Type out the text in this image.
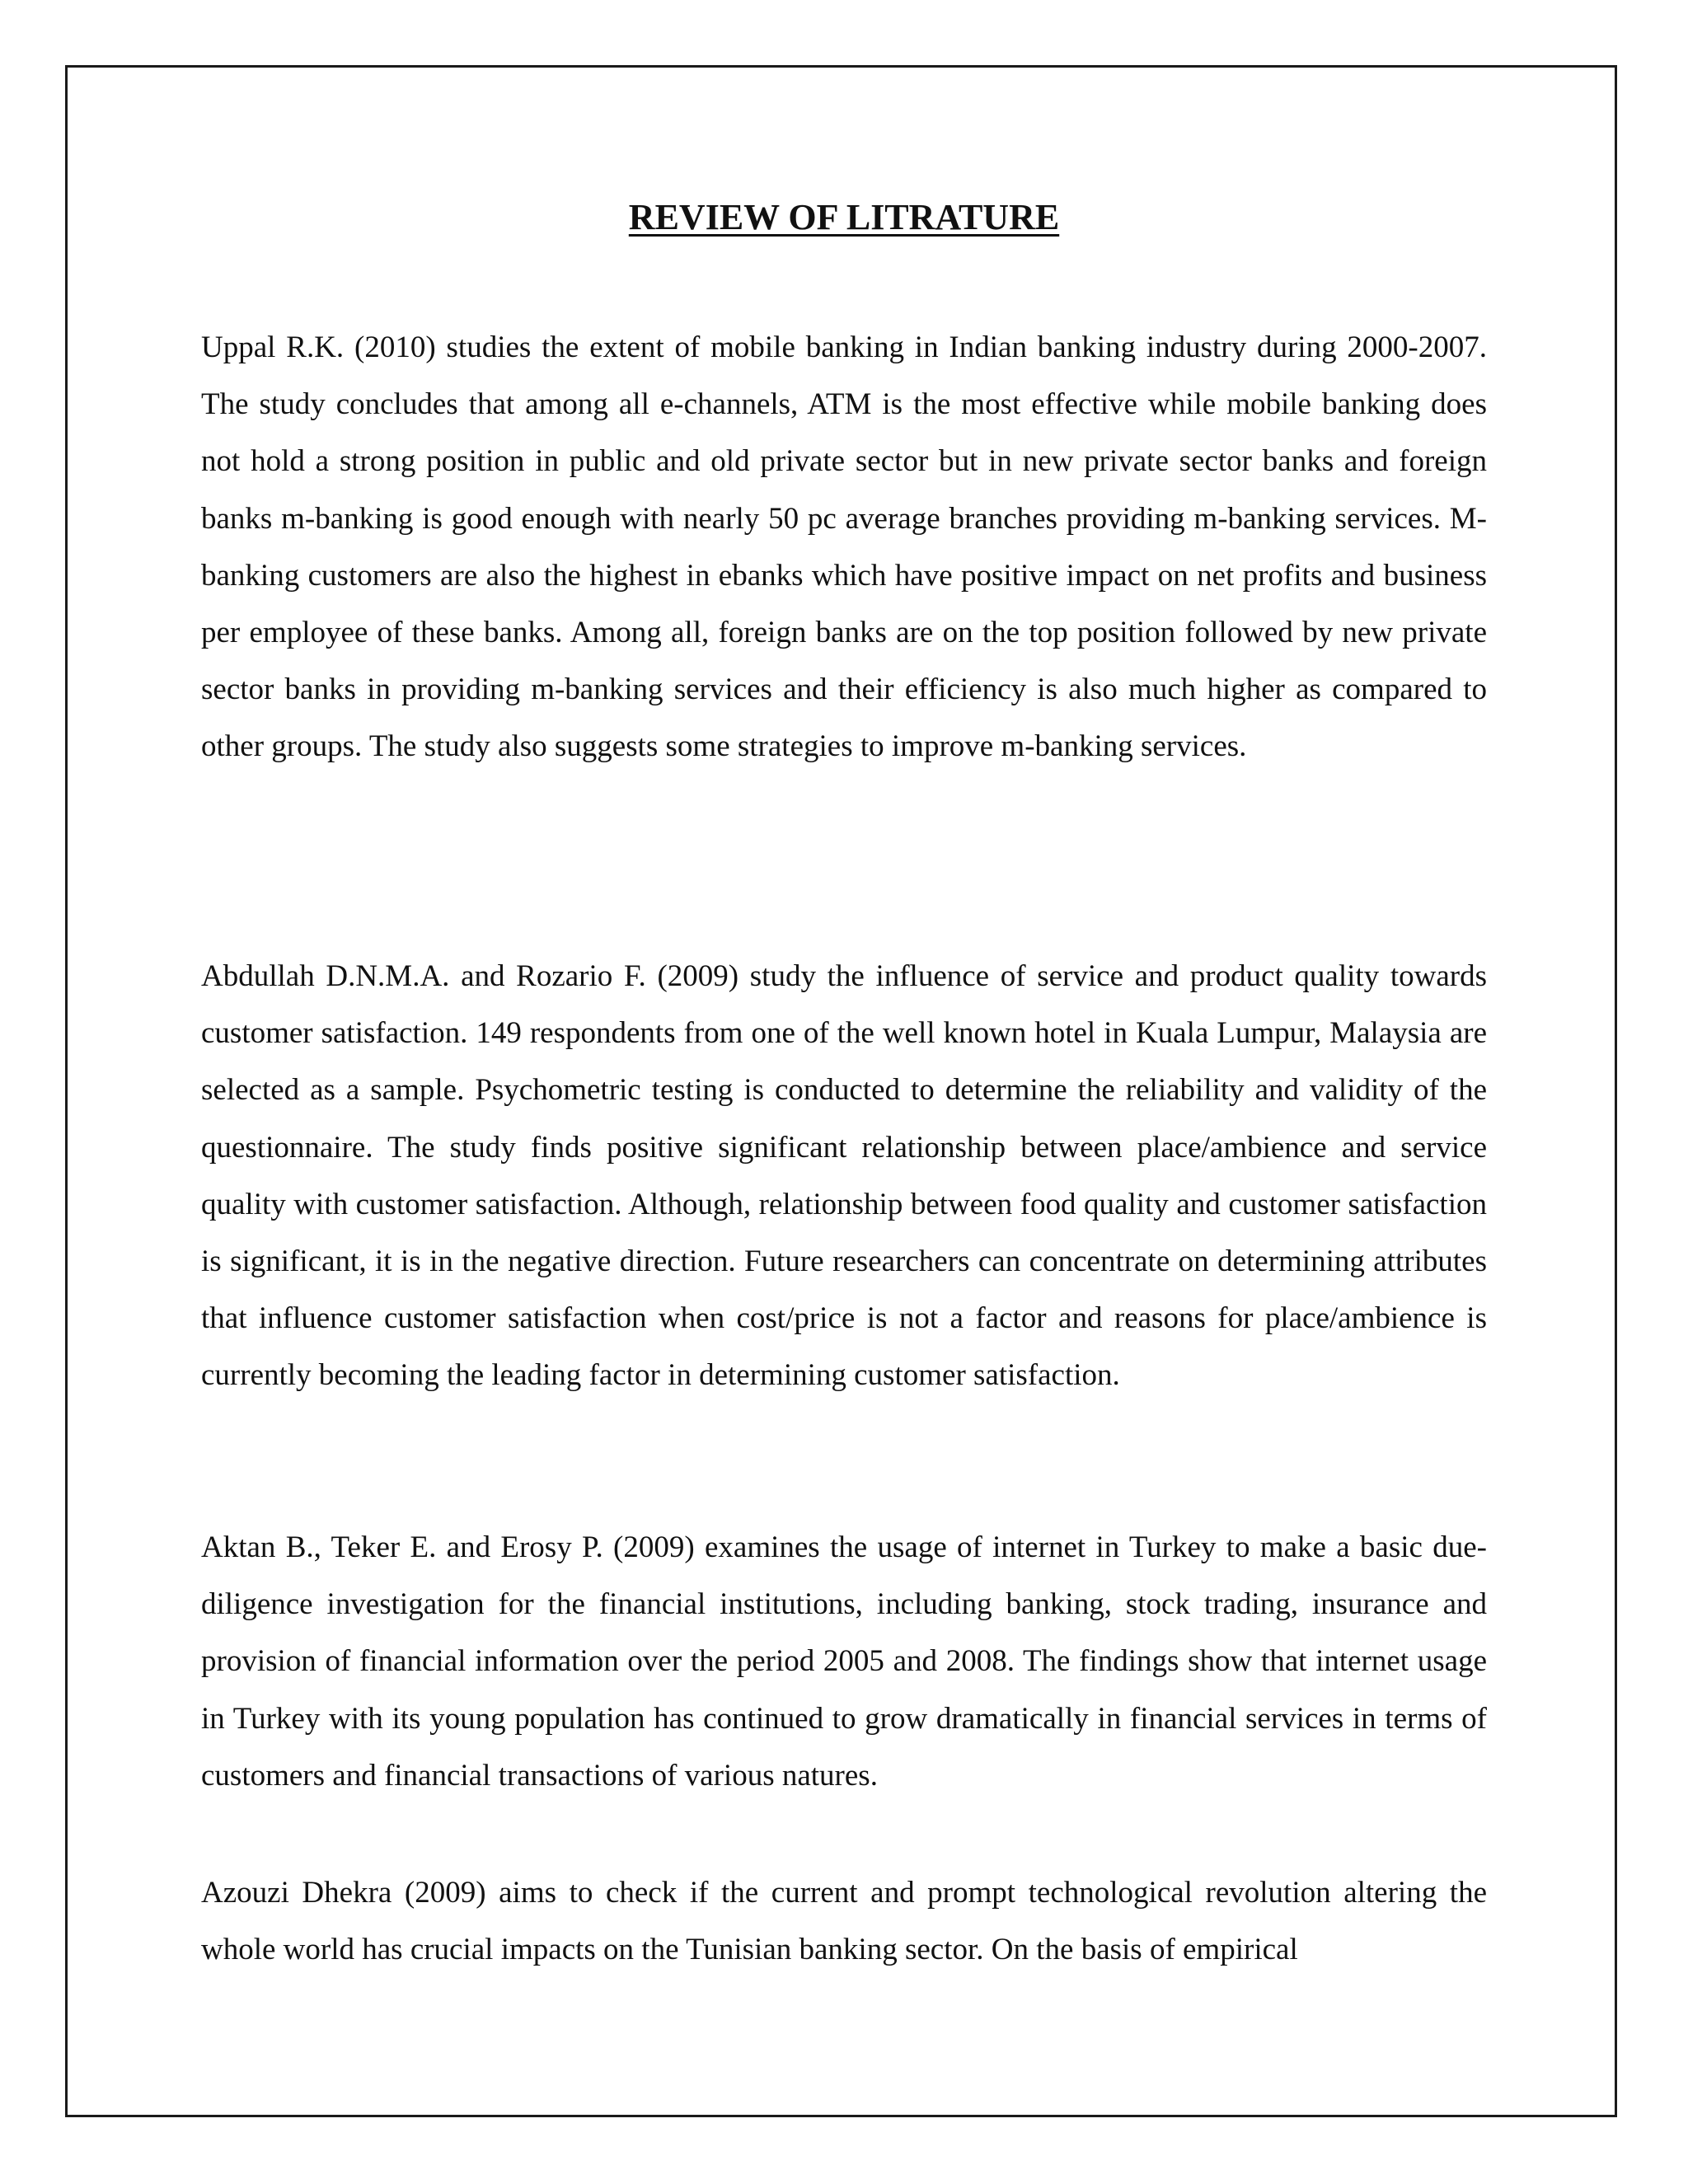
REVIEW OF LITRATURE

Uppal R.K. (2010) studies the extent of mobile banking in Indian banking industry during 2000-2007. The study concludes that among all e-channels, ATM is the most effective while mobile banking does not hold a strong position in public and old private sector but in new private sector banks and foreign banks m-banking is good enough with nearly 50 pc average branches providing m-banking services. M-banking customers are also the highest in ebanks which have positive impact on net profits and business per employee of these banks. Among all, foreign banks are on the top position followed by new private sector banks in providing m-banking services and their efficiency is also much higher as compared to other groups. The study also suggests some strategies to improve m-banking services.

Abdullah D.N.M.A. and Rozario F. (2009) study the influence of service and product quality towards customer satisfaction. 149 respondents from one of the well known hotel in Kuala Lumpur, Malaysia are selected as a sample. Psychometric testing is conducted to determine the reliability and validity of the questionnaire. The study finds positive significant relationship between place/ambience and service quality with customer satisfaction. Although, relationship between food quality and customer satisfaction is significant, it is in the negative direction. Future researchers can concentrate on determining attributes that influence customer satisfaction when cost/price is not a factor and reasons for place/ambience is currently becoming the leading factor in determining customer satisfaction.

Aktan B., Teker E. and Erosy P. (2009) examines the usage of internet in Turkey to make a basic due-diligence investigation for the financial institutions, including banking, stock trading, insurance and provision of financial information over the period 2005 and 2008. The findings show that internet usage in Turkey with its young population has continued to grow dramatically in financial services in terms of customers and financial transactions of various natures.

Azouzi Dhekra (2009) aims to check if the current and prompt technological revolution altering the whole world has crucial impacts on the Tunisian banking sector. On the basis of empirical
